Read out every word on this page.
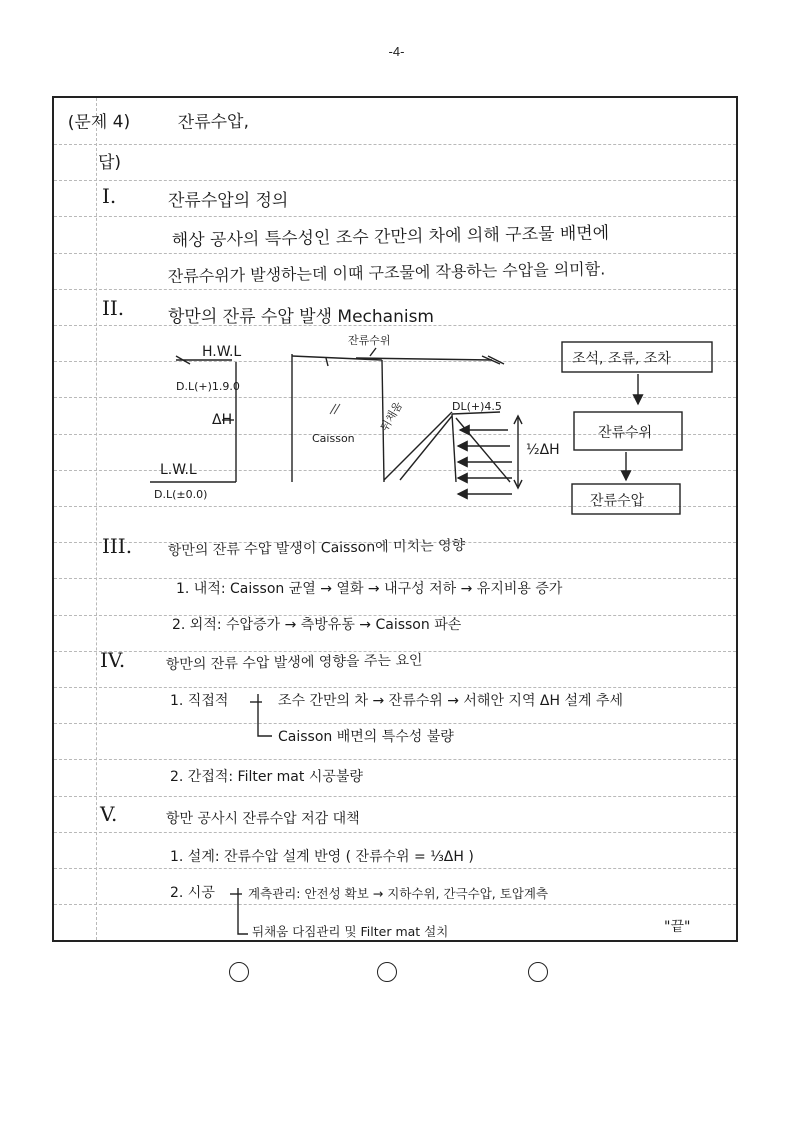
-4-
(문제 4)	잔류수압,
답)
I.	잔류수압의 정의
해상 공사의 특수성인 조수 간만의 차에 의해 구조물 배면에
잔류수위가 발생하는데 이때 구조물에 작용하는 수압을 의미함.
II.	항만의 잔류 수압 발생 Mechanism
H.W.L
D.L(+)1.9.0
ΔH
L.W.L
D.L(±0.0)
잔류수위
Caisson
뒤채움	DL(+)4.5
½ΔH
조석, 조류, 조차
잔류수위
잔류수압
III.	항만의 잔류 수압 발생이 Caisson에 미치는 영향
1. 내적: Caisson 균열 → 열화 → 내구성 저하 → 유지비용 증가
2. 외적: 수압증가 → 측방유동 → Caisson 파손
IV.	항만의 잔류 수압 발생에 영향을 주는 요인
1. 직접적	조수 간만의 차 → 잔류수위 → 서해안 지역 ΔH 설계 추세
Caisson 배면의 특수성 불량
2. 간접적: Filter mat 시공불량
V.	항만 공사시 잔류수압 저감 대책
1. 설계: 잔류수압 설계 반영 ( 잔류수위 = ⅓ΔH )
2. 시공	계측관리: 안전성 확보 → 지하수위, 간극수압, 토압계측
뒤채움 다짐관리 및 Filter mat 설치	"끝"
